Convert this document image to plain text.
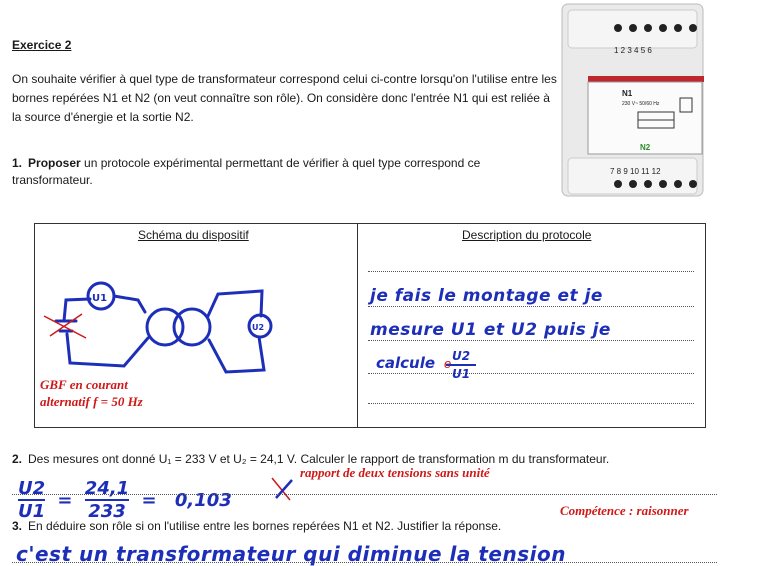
Exercice 2
On souhaite vérifier à quel type de transformateur correspond celui ci-contre lorsqu'on l'utilise entre les bornes repérées N1 et N2 (on veut connaître son rôle). On considère donc l'entrée N1 qui est reliée à la source d'énergie et la sortie N2.
1. Proposer un protocole expérimental permettant de vérifier à quel type correspond ce transformateur.
1 2 3 4 5 6
N1
230 V~ 50/60 Hz
N2
7 8 9 10 11 12
Schéma du dispositif	Description du protocole
U1
U2
GBF en courant
alternatif f = 50 Hz
je fais le montage et je
mesure U1 et U2 puis je
calcule e U2
U1
2. Des mesures ont donné U₁ = 233 V et U₂ = 24,1 V. Calculer le rapport de transformation m du transformateur.
$\frac{U2}{U1} = \frac{24,1}{233} = 0,103$
rapport de deux tensions sans unité
Compétence : raisonner
3. En déduire son rôle si on l'utilise entre les bornes repérées N1 et N2. Justifier la réponse.
c'est un transformateur qui diminue la tension
